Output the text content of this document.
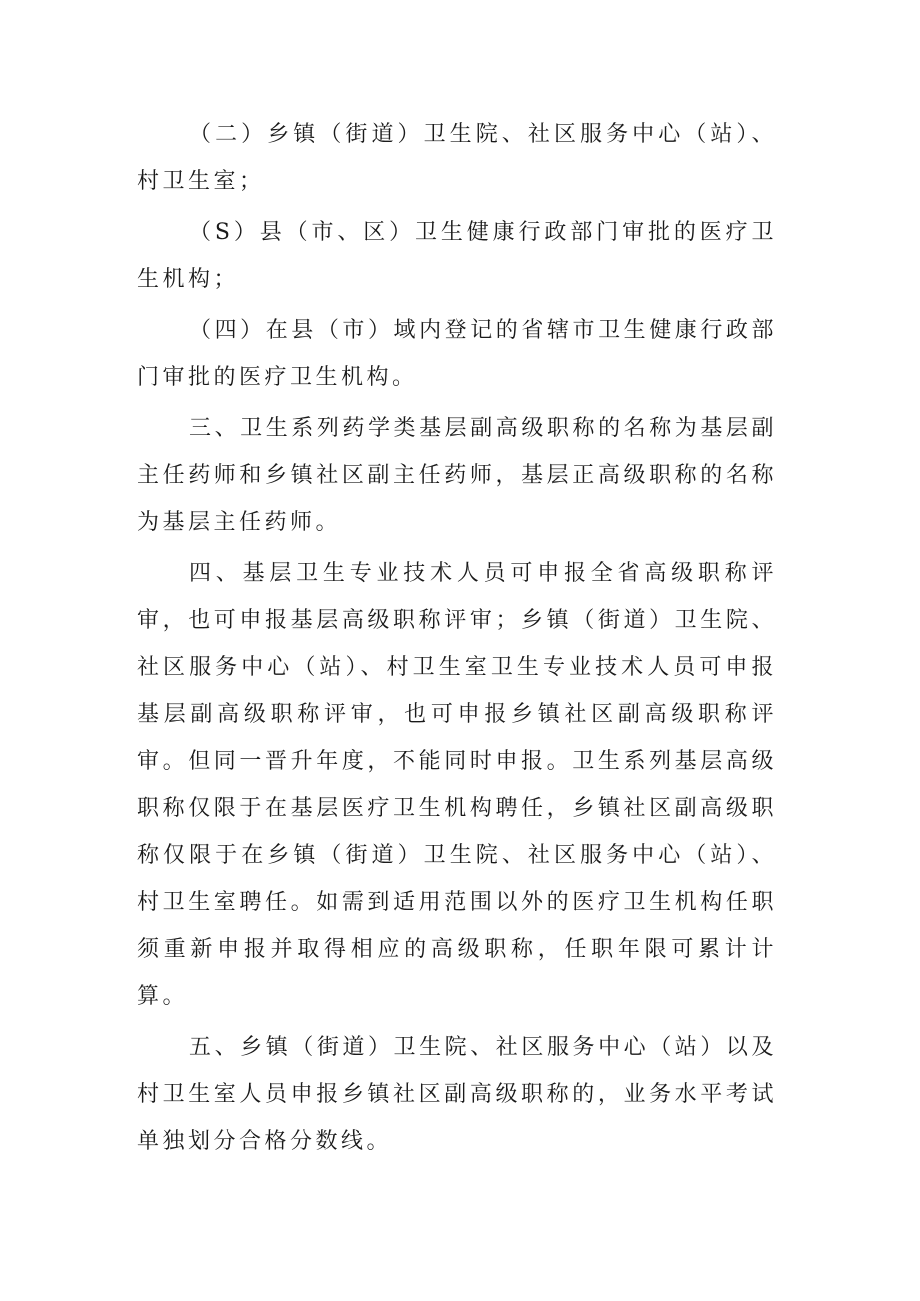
（二）乡镇（街道）卫生院、社区服务中心（站）、村卫生室；

（S）县（市、区）卫生健康行政部门审批的医疗卫生机构；

（四）在县（市）域内登记的省辖市卫生健康行政部门审批的医疗卫生机构。

三、卫生系列药学类基层副高级职称的名称为基层副主任药师和乡镇社区副主任药师，基层正高级职称的名称为基层主任药师。

四、基层卫生专业技术人员可申报全省高级职称评审，也可申报基层高级职称评审；乡镇（街道）卫生院、社区服务中心（站）、村卫生室卫生专业技术人员可申报基层副高级职称评审，也可申报乡镇社区副高级职称评审。但同一晋升年度，不能同时申报。卫生系列基层高级职称仅限于在基层医疗卫生机构聘任，乡镇社区副高级职称仅限于在乡镇（街道）卫生院、社区服务中心（站）、村卫生室聘任。如需到适用范围以外的医疗卫生机构任职须重新申报并取得相应的高级职称，任职年限可累计计算。

五、乡镇（街道）卫生院、社区服务中心（站）以及村卫生室人员申报乡镇社区副高级职称的，业务水平考试单独划分合格分数线。
